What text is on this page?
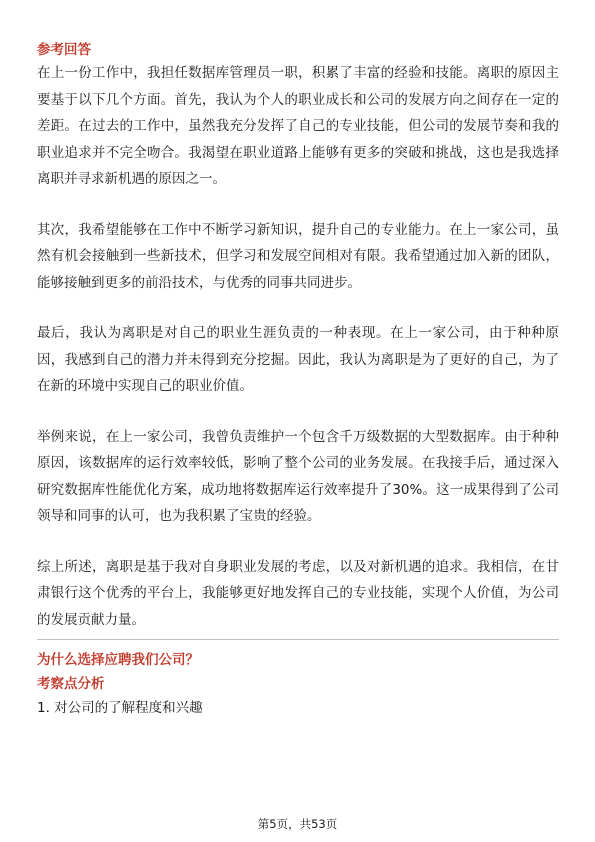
参考回答

在上一份工作中，我担任数据库管理员一职，积累了丰富的经验和技能。离职的原因主要基于以下几个方面。首先，我认为个人的职业成长和公司的发展方向之间存在一定的差距。在过去的工作中，虽然我充分发挥了自己的专业技能，但公司的发展节奏和我的职业追求并不完全吻合。我渴望在职业道路上能够有更多的突破和挑战，这也是我选择离职并寻求新机遇的原因之一。

其次，我希望能够在工作中不断学习新知识，提升自己的专业能力。在上一家公司，虽然有机会接触到一些新技术，但学习和发展空间相对有限。我希望通过加入新的团队，能够接触到更多的前沿技术，与优秀的同事共同进步。

最后，我认为离职是对自己的职业生涯负责的一种表现。在上一家公司，由于种种原因，我感到自己的潜力并未得到充分挖掘。因此，我认为离职是为了更好的自己，为了在新的环境中实现自己的职业价值。

举例来说，在上一家公司，我曾负责维护一个包含千万级数据的大型数据库。由于种种原因，该数据库的运行效率较低，影响了整个公司的业务发展。在我接手后，通过深入研究数据库性能优化方案，成功地将数据库运行效率提升了30%。这一成果得到了公司领导和同事的认可，也为我积累了宝贵的经验。

综上所述，离职是基于我对自身职业发展的考虑，以及对新机遇的追求。我相信，在甘肃银行这个优秀的平台上，我能够更好地发挥自己的专业技能，实现个人价值，为公司的发展贡献力量。

为什么选择应聘我们公司？
考察点分析
1. 对公司的了解程度和兴趣
第5页，共53页
